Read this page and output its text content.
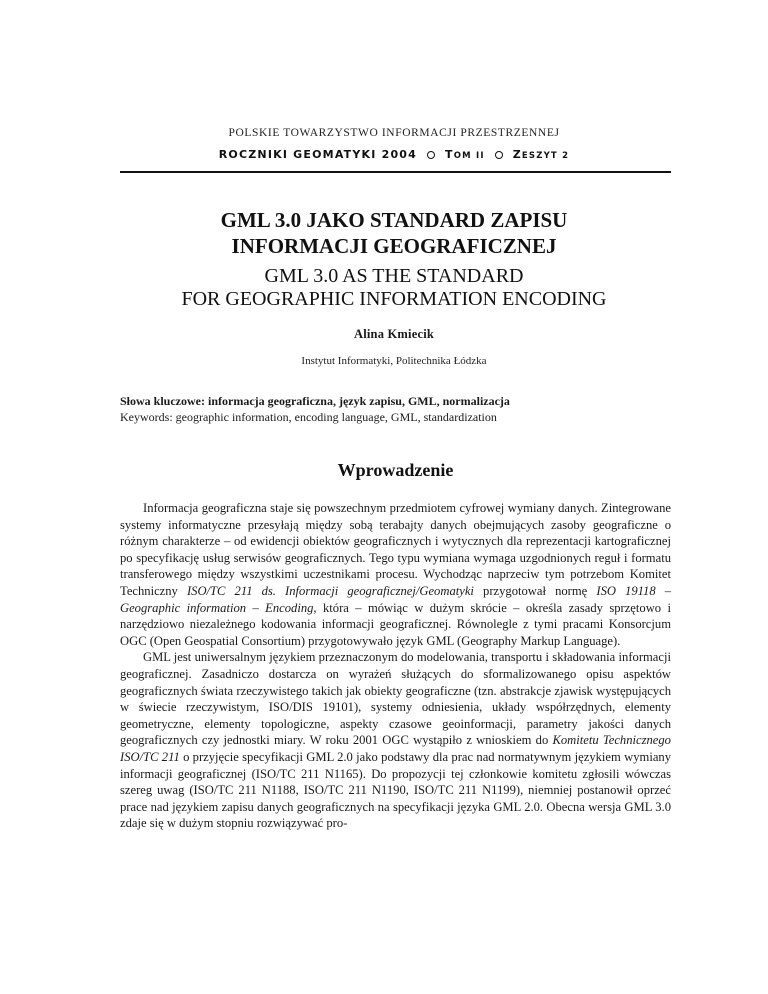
POLSKIE TOWARZYSTWO INFORMACJI PRZESTRZENNEJ
ROCZNIKI GEOMATYKI 2004	TOM II	ZESZYT 2
GML 3.0 JAKO STANDARD ZAPISU
INFORMACJI GEOGRAFICZNEJ
GML 3.0 AS THE STANDARD
FOR GEOGRAPHIC INFORMATION ENCODING
Alina Kmiecik
Instytut Informatyki, Politechnika Łódzka
Słowa kluczowe: informacja geograficzna, język zapisu, GML, normalizacja
Keywords: geographic information, encoding language, GML, standardization
Wprowadzenie

Informacja geograficzna staje się powszechnym przedmiotem cyfrowej wymiany danych. Zintegrowane systemy informatyczne przesyłają między sobą terabajty danych obejmujących zasoby geograficzne o różnym charakterze – od ewidencji obiektów geograficznych i wytycznych dla reprezentacji kartograficznej po specyfikację usług serwisów geograficznych. Tego typu wymiana wymaga uzgodnionych reguł i formatu transferowego między wszystkimi uczestnikami procesu. Wychodząc naprzeciw tym potrzebom Komitet Techniczny ISO/TC 211 ds. Informacji geograficznej/Geomatyki przygotował normę ISO 19118 – Geographic information – Encoding, która – mówiąc w dużym skrócie – określa zasady sprzętowo i narzędziowo niezależnego kodowania informacji geograficznej. Równolegle z tymi pracami Konsorcjum OGC (Open Geospatial Consortium) przygotowywało język GML (Geography Markup Language).

GML jest uniwersalnym językiem przeznaczonym do modelowania, transportu i składowania informacji geograficznej. Zasadniczo dostarcza on wyrażeń służących do sformalizowanego opisu aspektów geograficznych świata rzeczywistego takich jak obiekty geograficzne (tzn. abstrakcje zjawisk występujących w świecie rzeczywistym, ISO/DIS 19101), systemy odniesienia, układy współrzędnych, elementy geometryczne, elementy topologiczne, aspekty czasowe geoinformacji, parametry jakości danych geograficznych czy jednostki miary. W roku 2001 OGC wystąpiło z wnioskiem do Komitetu Technicznego ISO/TC 211 o przyjęcie specyfikacji GML 2.0 jako podstawy dla prac nad normatywnym językiem wymiany informacji geograficznej (ISO/TC 211 N1165). Do propozycji tej członkowie komitetu zgłosili wówczas szereg uwag (ISO/TC 211 N1188, ISO/TC 211 N1190, ISO/TC 211 N1199), niemniej postanowił oprzeć prace nad językiem zapisu danych geograficznych na specyfikacji języka GML 2.0. Obecna wersja GML 3.0 zdaje się w dużym stopniu rozwiązywać pro-
